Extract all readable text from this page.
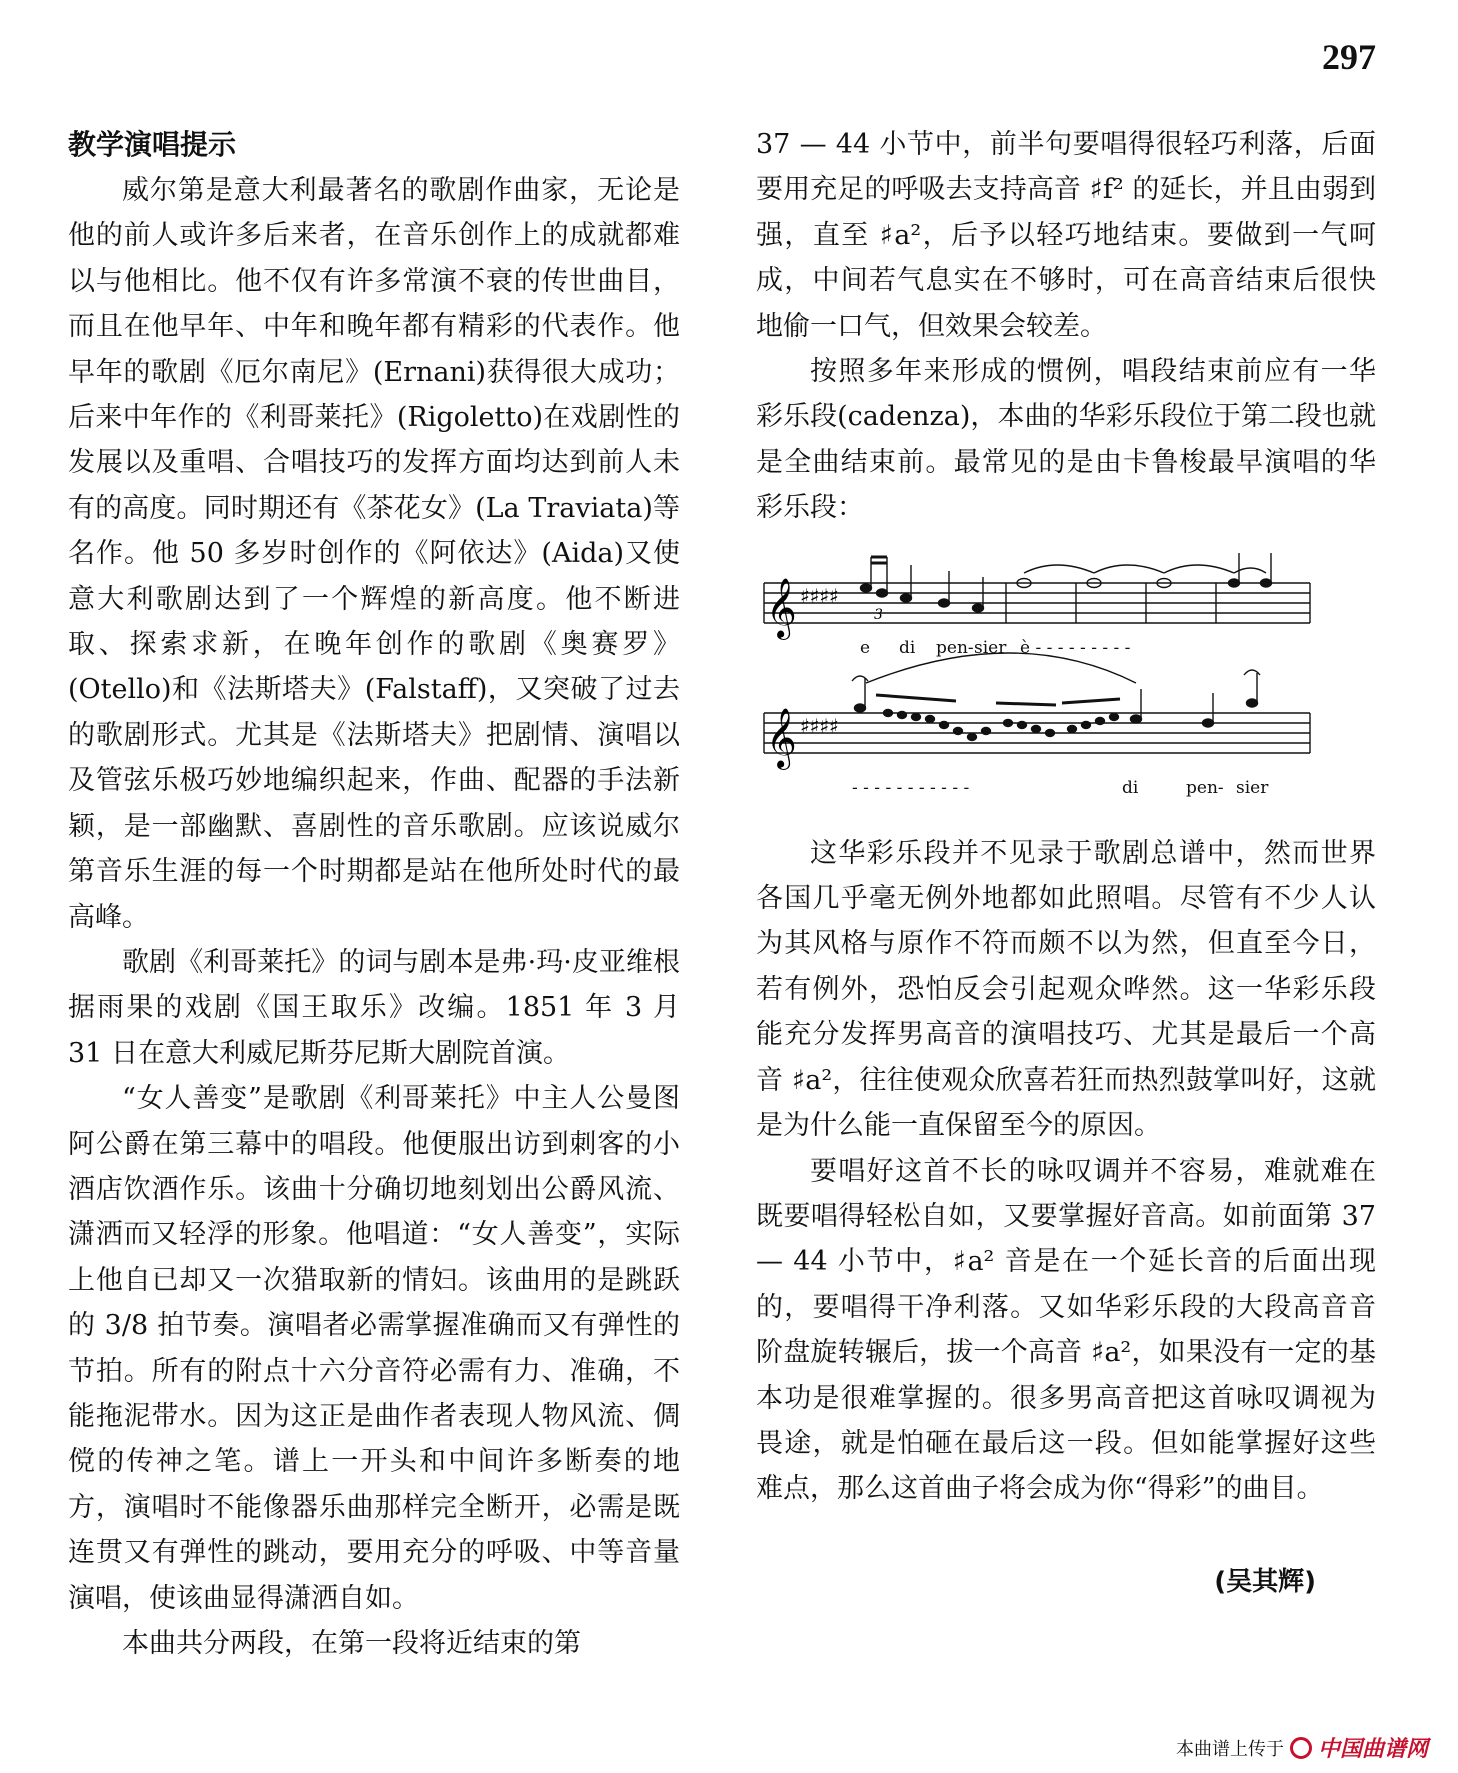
297
教学演唱提示

威尔第是意大利最著名的歌剧作曲家，无论是他的前人或许多后来者，在音乐创作上的成就都难以与他相比。他不仅有许多常演不衰的传世曲目，而且在他早年、中年和晚年都有精彩的代表作。他早年的歌剧《厄尔南尼》(Ernani)获得很大成功；后来中年作的《利哥莱托》(Rigoletto)在戏剧性的发展以及重唱、合唱技巧的发挥方面均达到前人未有的高度。同时期还有《茶花女》(La Traviata)等名作。他 50 多岁时创作的《阿依达》(Aida)又使意大利歌剧达到了一个辉煌的新高度。他不断进取、探索求新，在晚年创作的歌剧《奥赛罗》(Otello)和《法斯塔夫》(Falstaff)，又突破了过去的歌剧形式。尤其是《法斯塔夫》把剧情、演唱以及管弦乐极巧妙地编织起来，作曲、配器的手法新颖，是一部幽默、喜剧性的音乐歌剧。应该说威尔第音乐生涯的每一个时期都是站在他所处时代的最高峰。

歌剧《利哥莱托》的词与剧本是弗·玛·皮亚维根据雨果的戏剧《国王取乐》改编。1851 年 3 月 31 日在意大利威尼斯芬尼斯大剧院首演。

“女人善变”是歌剧《利哥莱托》中主人公曼图阿公爵在第三幕中的唱段。他便服出访到刺客的小酒店饮酒作乐。该曲十分确切地刻划出公爵风流、潇洒而又轻浮的形象。他唱道：“女人善变”，实际上他自已却又一次猎取新的情妇。该曲用的是跳跃的 3/8 拍节奏。演唱者必需掌握准确而又有弹性的节拍。所有的附点十六分音符必需有力、准确，不能拖泥带水。因为这正是曲作者表现人物风流、倜傥的传神之笔。谱上一开头和中间许多断奏的地方，演唱时不能像器乐曲那样完全断开，必需是既连贯又有弹性的跳动，要用充分的呼吸、中等音量演唱，使该曲显得潇洒自如。

本曲共分两段，在第一段将近结束的第

37 — 44 小节中，前半句要唱得很轻巧利落，后面要用充足的呼吸去支持高音 ♯f² 的延长，并且由弱到强，直至 ♯a²，后予以轻巧地结束。要做到一气呵成，中间若气息实在不够时，可在高音结束后很快地偷一口气，但效果会较差。

按照多年来形成的惯例，唱段结束前应有一华彩乐段(cadenza)，本曲的华彩乐段位于第二段也就是全曲结束前。最常见的是由卡鲁梭最早演唱的华彩乐段：

𝄞 ♯♯♯♯
3
e di pen- sier è - - - - - - - - -
𝄞 ♯♯♯♯
- - - - - - - - - - -	di	pen- sier

这华彩乐段并不见录于歌剧总谱中，然而世界各国几乎毫无例外地都如此照唱。尽管有不少人认为其风格与原作不符而颇不以为然，但直至今日，若有例外，恐怕反会引起观众哗然。这一华彩乐段能充分发挥男高音的演唱技巧、尤其是最后一个高音 ♯a²，往往使观众欣喜若狂而热烈鼓掌叫好，这就是为什么能一直保留至今的原因。

要唱好这首不长的咏叹调并不容易，难就难在既要唱得轻松自如，又要掌握好音高。如前面第 37 — 44 小节中，♯a² 音是在一个延长音的后面出现的，要唱得干净利落。又如华彩乐段的大段高音音阶盘旋转辗后，拔一个高音 ♯a²，如果没有一定的基本功是很难掌握的。很多男高音把这首咏叹调视为畏途，就是怕砸在最后这一段。但如能掌握好这些难点，那么这首曲子将会成为你“得彩”的曲目。

(吴其辉)
本曲谱上传于 中国曲谱网
